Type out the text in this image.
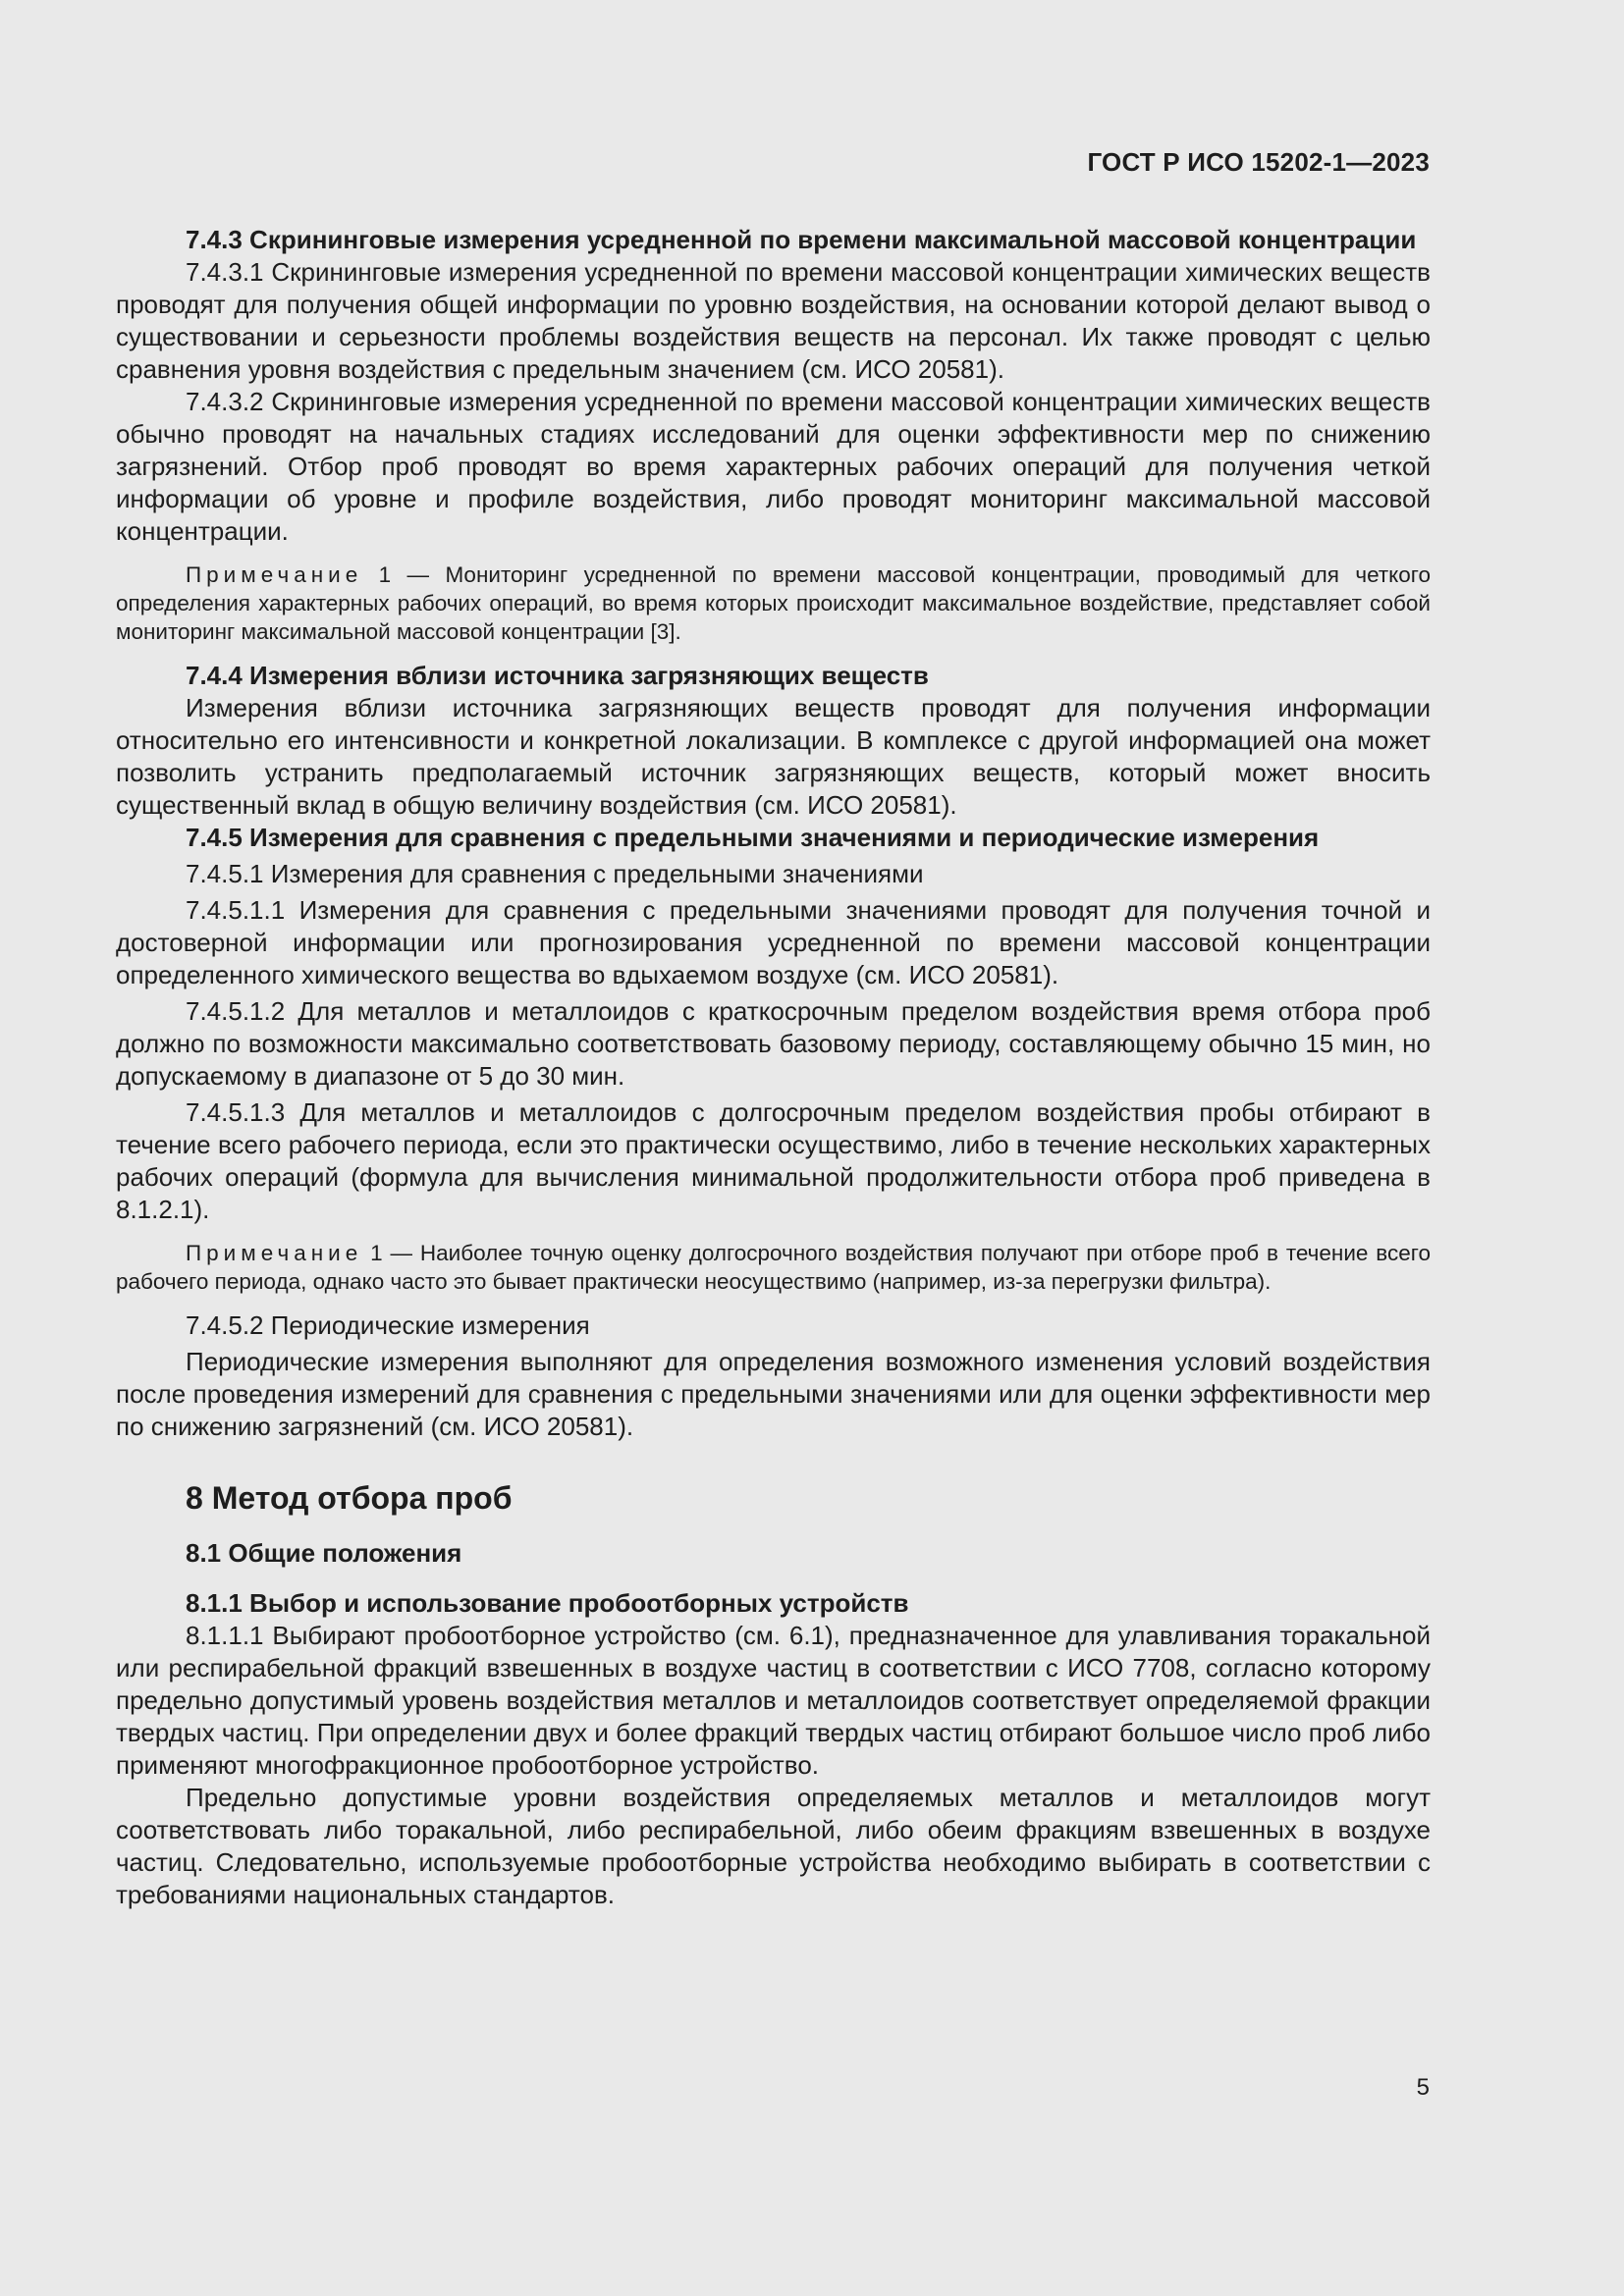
ГОСТ Р ИСО 15202-1—2023

7.4.3 Скрининговые измерения усредненной по времени максимальной массовой концентрации

7.4.3.1 Скрининговые измерения усредненной по времени массовой концентрации химических веществ проводят для получения общей информации по уровню воздействия, на основании которой делают вывод о существовании и серьезности проблемы воздействия веществ на персонал. Их также проводят с целью сравнения уровня воздействия с предельным значением (см. ИСО 20581).

7.4.3.2 Скрининговые измерения усредненной по времени массовой концентрации химических веществ обычно проводят на начальных стадиях исследований для оценки эффективности мер по снижению загрязнений. Отбор проб проводят во время характерных рабочих операций для получения четкой информации об уровне и профиле воздействия, либо проводят мониторинг максимальной массовой концентрации.

Примечание 1 — Мониторинг усредненной по времени массовой концентрации, проводимый для четкого определения характерных рабочих операций, во время которых происходит максимальное воздействие, представляет собой мониторинг максимальной массовой концентрации [3].

7.4.4 Измерения вблизи источника загрязняющих веществ

Измерения вблизи источника загрязняющих веществ проводят для получения информации относительно его интенсивности и конкретной локализации. В комплексе с другой информацией она может позволить устранить предполагаемый источник загрязняющих веществ, который может вносить существенный вклад в общую величину воздействия (см. ИСО 20581).

7.4.5 Измерения для сравнения с предельными значениями и периодические измерения

7.4.5.1 Измерения для сравнения с предельными значениями

7.4.5.1.1 Измерения для сравнения с предельными значениями проводят для получения точной и достоверной информации или прогнозирования усредненной по времени массовой концентрации определенного химического вещества во вдыхаемом воздухе (см. ИСО 20581).

7.4.5.1.2 Для металлов и металлоидов с краткосрочным пределом воздействия время отбора проб должно по возможности максимально соответствовать базовому периоду, составляющему обычно 15 мин, но допускаемому в диапазоне от 5 до 30 мин.

7.4.5.1.3 Для металлов и металлоидов с долгосрочным пределом воздействия пробы отбирают в течение всего рабочего периода, если это практически осуществимо, либо в течение нескольких характерных рабочих операций (формула для вычисления минимальной продолжительности отбора проб приведена в 8.1.2.1).

Примечание 1 — Наиболее точную оценку долгосрочного воздействия получают при отборе проб в течение всего рабочего периода, однако часто это бывает практически неосуществимо (например, из-за перегрузки фильтра).

7.4.5.2 Периодические измерения

Периодические измерения выполняют для определения возможного изменения условий воздействия после проведения измерений для сравнения с предельными значениями или для оценки эффективности мер по снижению загрязнений (см. ИСО 20581).

8 Метод отбора проб
8.1 Общие положения

8.1.1 Выбор и использование пробоотборных устройств

8.1.1.1 Выбирают пробоотборное устройство (см. 6.1), предназначенное для улавливания торакальной или респирабельной фракций взвешенных в воздухе частиц в соответствии с ИСО 7708, согласно которому предельно допустимый уровень воздействия металлов и металлоидов соответствует определяемой фракции твердых частиц. При определении двух и более фракций твердых частиц отбирают большое число проб либо применяют многофракционное пробоотборное устройство.

Предельно допустимые уровни воздействия определяемых металлов и металлоидов могут соответствовать либо торакальной, либо респирабельной, либо обеим фракциям взвешенных в воздухе частиц. Следовательно, используемые пробоотборные устройства необходимо выбирать в соответствии с требованиями национальных стандартов.

5
